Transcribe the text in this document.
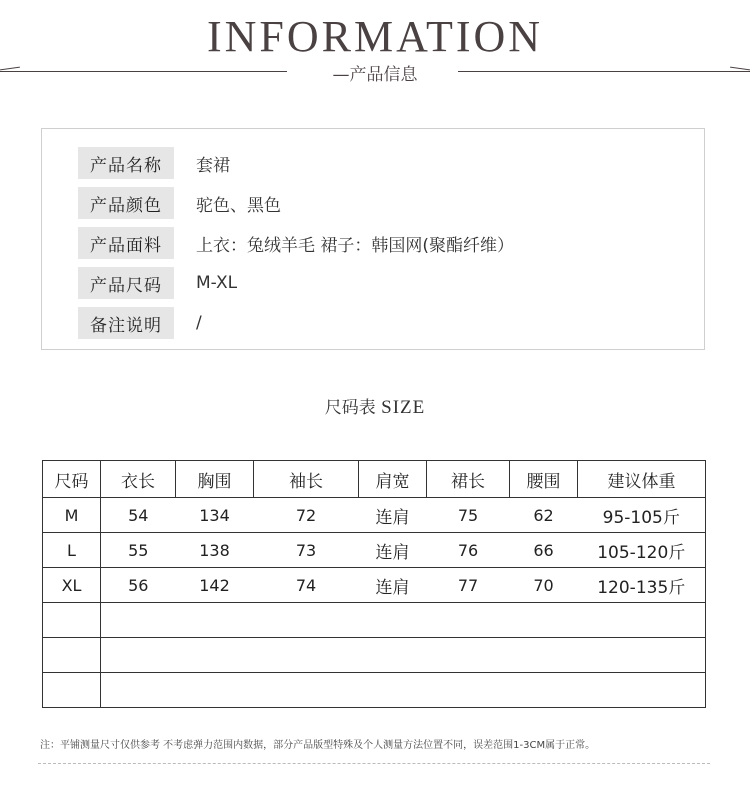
INFORMATION
—产品信息
产品名称	套裙
产品颜色	驼色、黑色
产品面料	上衣：兔绒羊毛 裙子：韩国网(聚酯纤维）
产品尺码	M-XL
备注说明	/
尺码表 SIZE
尺码	衣长	胸围	袖长	肩宽	裙长	腰围	建议体重
M	54	134	72	连肩	75	62	95-105斤
L	55	138	73	连肩	76	66	105-120斤
XL	56	142	74	连肩	77	70	120-135斤

注：平铺测量尺寸仅供参考 不考虑弹力范围内数据，部分产品版型特殊及个人测量方法位置不同，误差范围1-3CM属于正常。
